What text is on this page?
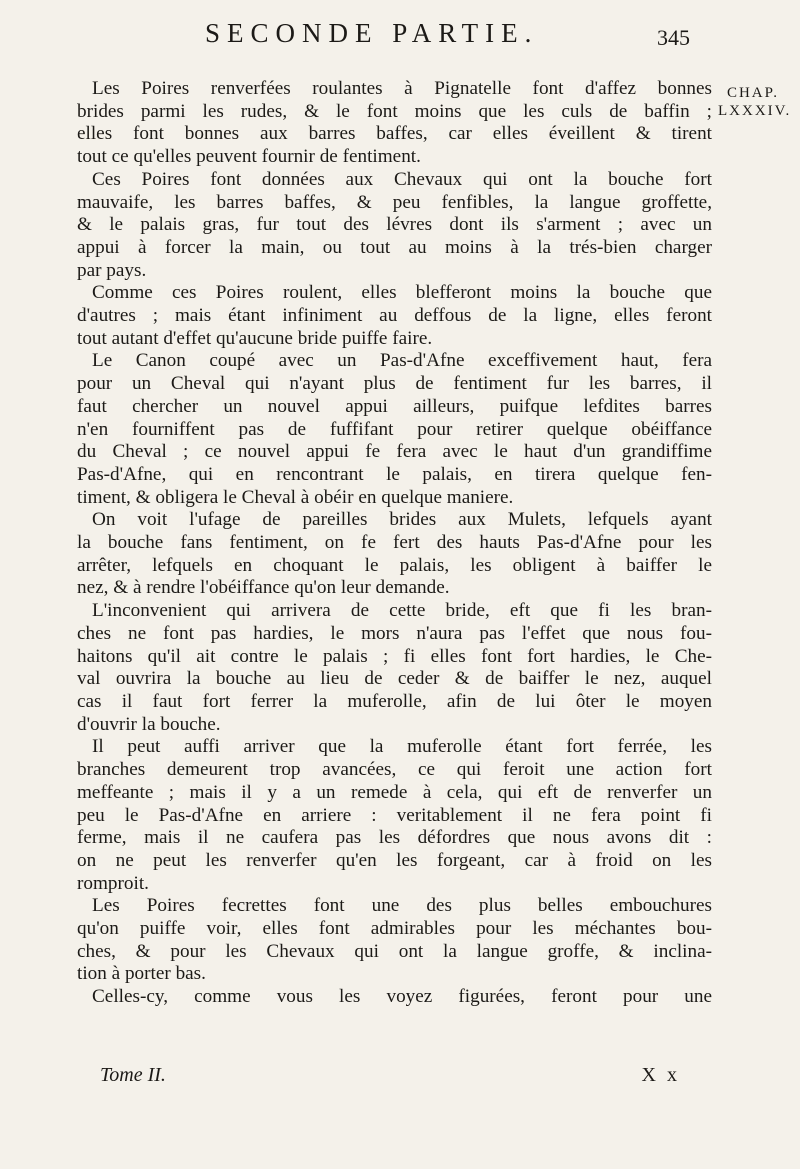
SECONDE PARTIE.	345
CHAP.
LXXXIV.

Les Poires renverfées roulantes à Pignatelle font d'affez bonnes
brides parmi les rudes, & le font moins que les culs de baffin ;
elles font bonnes aux barres baffes, car elles éveillent & tirent
tout ce qu'elles peuvent fournir de fentiment.

Ces Poires font données aux Chevaux qui ont la bouche fort
mauvaife, les barres baffes, & peu fenfibles, la langue groffette,
& le palais gras, fur tout des lévres dont ils s'arment ; avec un
appui à forcer la main, ou tout au moins à la trés-bien charger
par pays.

Comme ces Poires roulent, elles blefferont moins la bouche que
d'autres ; mais étant infiniment au deffous de la ligne, elles feront
tout autant d'effet qu'aucune bride puiffe faire.

Le Canon coupé avec un Pas-d'Afne exceffivement haut, fera
pour un Cheval qui n'ayant plus de fentiment fur les barres, il
faut chercher un nouvel appui ailleurs, puifque lefdites barres
n'en fourniffent pas de fuffifant pour retirer quelque obéiffance
du Cheval ; ce nouvel appui fe fera avec le haut d'un grandiffime
Pas-d'Afne, qui en rencontrant le palais, en tirera quelque fen-
timent, & obligera le Cheval à obéir en quelque maniere.

On voit l'ufage de pareilles brides aux Mulets, lefquels ayant
la bouche fans fentiment, on fe fert des hauts Pas-d'Afne pour les
arrêter, lefquels en choquant le palais, les obligent à baiffer le
nez, & à rendre l'obéiffance qu'on leur demande.

L'inconvenient qui arrivera de cette bride, eft que fi les bran-
ches ne font pas hardies, le mors n'aura pas l'effet que nous fou-
haitons qu'il ait contre le palais ; fi elles font fort hardies, le Che-
val ouvrira la bouche au lieu de ceder & de baiffer le nez, auquel
cas il faut fort ferrer la muferolle, afin de lui ôter le moyen
d'ouvrir la bouche.

Il peut auffi arriver que la muferolle étant fort ferrée, les
branches demeurent trop avancées, ce qui feroit une action fort
meffeante ; mais il y a un remede à cela, qui eft de renverfer un
peu le Pas-d'Afne en arriere : veritablement il ne fera point fi
ferme, mais il ne caufera pas les défordres que nous avons dit :
on ne peut les renverfer qu'en les forgeant, car à froid on les
romproit.

Les Poires fecrettes font une des plus belles embouchures
qu'on puiffe voir, elles font admirables pour les méchantes bou-
ches, & pour les Chevaux qui ont la langue groffe, & inclina-
tion à porter bas.

Celles-cy, comme vous les voyez figurées, feront pour une

Tome II.	X x
